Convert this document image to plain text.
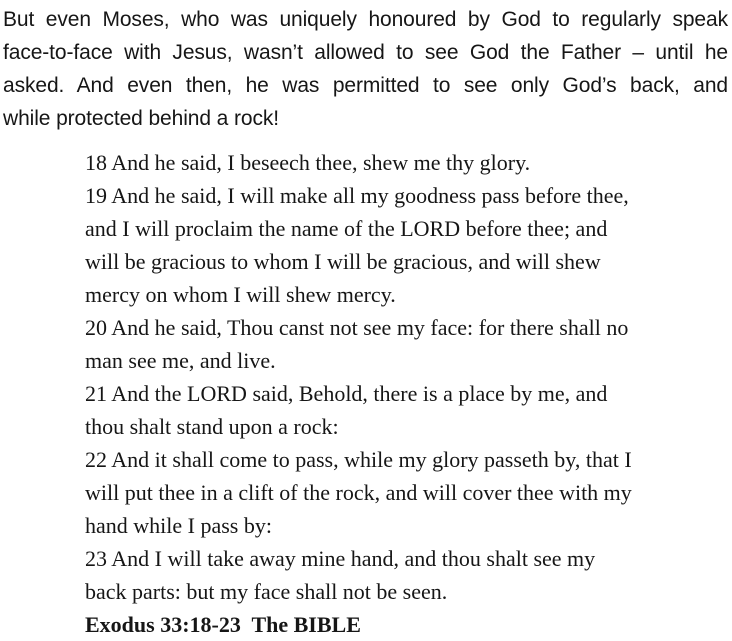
But even Moses, who was uniquely honoured by God to regularly speak
face-to-face with Jesus, wasn’t allowed to see God the Father – until he
asked. And even then, he was permitted to see only God’s back, and
while protected behind a rock!
18 And he said, I beseech thee, shew me thy glory.
19 And he said, I will make all my goodness pass before thee,
and I will proclaim the name of the LORD before thee; and
will be gracious to whom I will be gracious, and will shew
mercy on whom I will shew mercy.
20 And he said, Thou canst not see my face: for there shall no
man see me, and live.
21 And the LORD said, Behold, there is a place by me, and
thou shalt stand upon a rock:
22 And it shall come to pass, while my glory passeth by, that I
will put thee in a clift of the rock, and will cover thee with my
hand while I pass by:
23 And I will take away mine hand, and thou shalt see my
back parts: but my face shall not be seen.
Exodus 33:18-23  The BIBLE
